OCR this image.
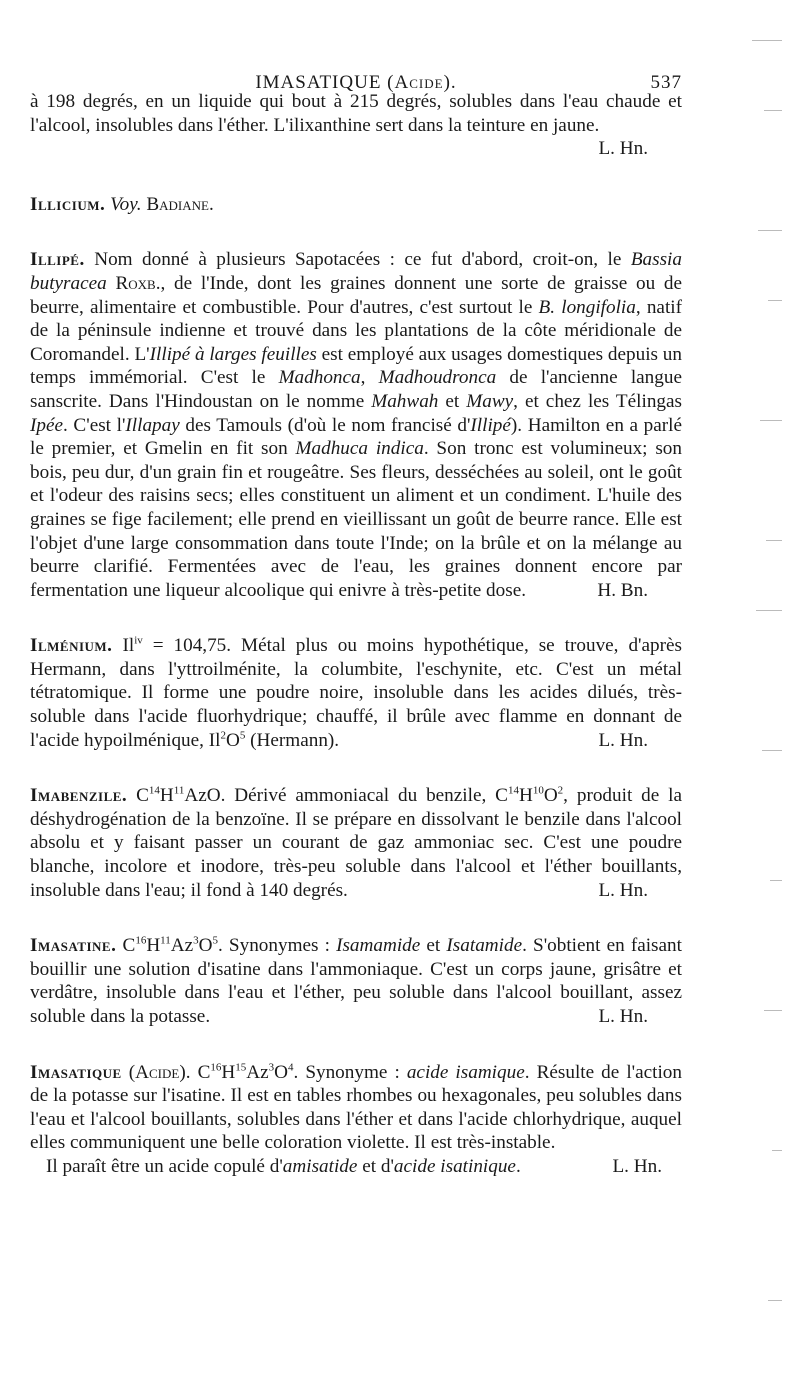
IMASATIQUE (Acide).	537

à 198 degrés, en un liquide qui bout à 215 degrés, solubles dans l'eau chaude et l'alcool, insolubles dans l'éther. L'ilixanthine sert dans la teinture en jaune.
L. Hn.

Illicium. Voy. Badiane.

Illipé. Nom donné à plusieurs Sapotacées : ce fut d'abord, croit-on, le Bassia butyracea Roxb., de l'Inde, dont les graines donnent une sorte de graisse ou de beurre, alimentaire et combustible. Pour d'autres, c'est surtout le B. longifolia, natif de la péninsule indienne et trouvé dans les plantations de la côte méridionale de Coromandel. L'Illipé à larges feuilles est employé aux usages domestiques depuis un temps immémorial. C'est le Madhonca, Madhoudronca de l'ancienne langue sanscrite. Dans l'Hindoustan on le nomme Mahwah et Mawy, et chez les Télingas Ipée. C'est l'Illapay des Tamouls (d'où le nom francisé d'Illipé). Hamilton en a parlé le premier, et Gmelin en fit son Madhuca indica. Son tronc est volumineux; son bois, peu dur, d'un grain fin et rougeâtre. Ses fleurs, desséchées au soleil, ont le goût et l'odeur des raisins secs; elles constituent un aliment et un condiment. L'huile des graines se fige facilement; elle prend en vieillissant un goût de beurre rance. Elle est l'objet d'une large consommation dans toute l'Inde; on la brûle et on la mélange au beurre clarifié. Fermentées avec de l'eau, les graines donnent encore par fermentation une liqueur alcoolique qui enivre à très-petite dose.	H. Bn.

Ilménium. $Il^{iv} = 104,75$. Métal plus ou moins hypothétique, se trouve, d'après Hermann, dans l'yttroilménite, la columbite, l'eschynite, etc. C'est un métal tétratomique. Il forme une poudre noire, insoluble dans les acides dilués, très-soluble dans l'acide fluorhydrique; chauffé, il brûle avec flamme en donnant de l'acide hypoilménique, $Il^2O^5$ (Hermann).	L. Hn.

Imabenzile. $C^{14}H^{11}AzO$. Dérivé ammoniacal du benzile, $C^{14}H^{10}O^2$, produit de la déshydrogénation de la benzoïne. Il se prépare en dissolvant le benzile dans l'alcool absolu et y faisant passer un courant de gaz ammoniac sec. C'est une poudre blanche, incolore et inodore, très-peu soluble dans l'alcool et l'éther bouillants, insoluble dans l'eau; il fond à 140 degrés.	L. Hn.

Imasatine. $C^{16}H^{11}Az^3O^5$. Synonymes : Isamamide et Isatamide. S'obtient en faisant bouillir une solution d'isatine dans l'ammoniaque. C'est un corps jaune, grisâtre et verdâtre, insoluble dans l'eau et l'éther, peu soluble dans l'alcool bouillant, assez soluble dans la potasse.	L. Hn.

Imasatique (Acide). $C^{16}H^{15}Az^3O^4$. Synonyme : acide isamique. Résulte de l'action de la potasse sur l'isatine. Il est en tables rhombes ou hexagonales, peu solubles dans l'eau et l'alcool bouillants, solubles dans l'éther et dans l'acide chlorhydrique, auquel elles communiquent une belle coloration violette. Il est très-instable.

Il paraît être un acide copulé d'amisatide et d'acide isatinique.	L. Hn.
